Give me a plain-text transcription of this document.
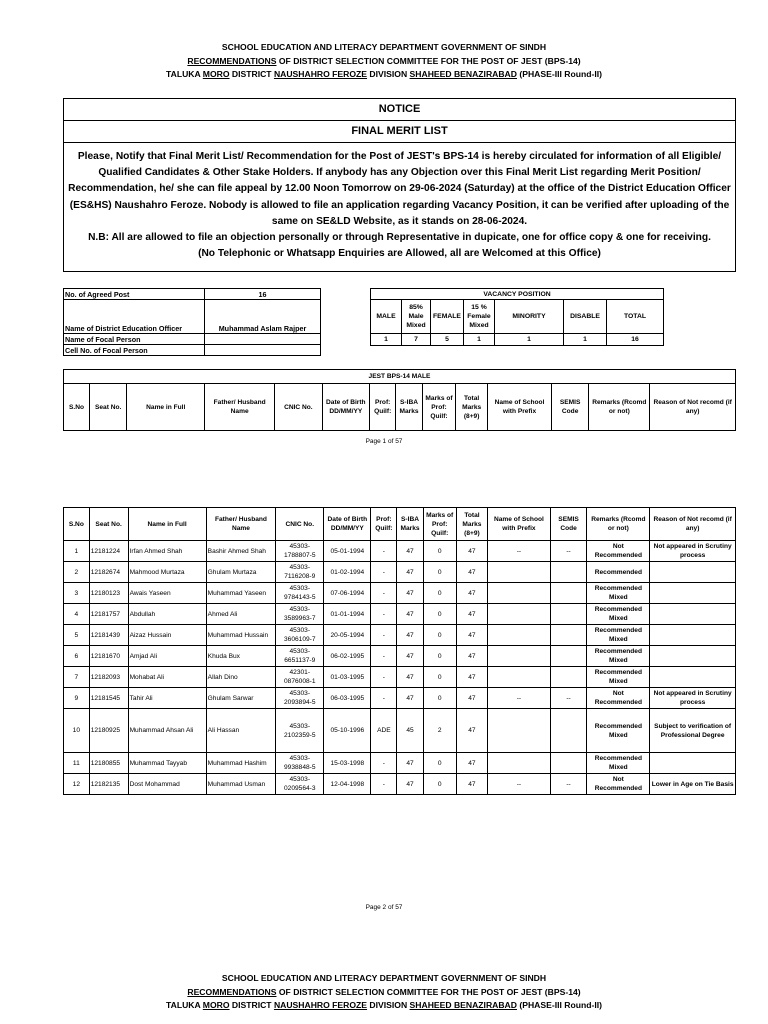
SCHOOL EDUCATION AND LITERACY DEPARTMENT GOVERNMENT OF SINDH
RECOMMENDATIONS OF DISTRICT SELECTION COMMITTEE FOR THE POST OF JEST (BPS-14)
TALUKA MORO DISTRICT NAUSHAHRO FEROZE DIVISION SHAHEED BENAZIRABAD (PHASE-III Round-II)
NOTICE
FINAL MERIT LIST
Please, Notify that Final Merit List/ Recommendation for the Post of JEST's BPS-14 is hereby circulated for information of all Eligible/ Qualified Candidates & Other Stake Holders. If anybody has any Objection over this Final Merit List regarding Merit Position/ Recommendation, he/ she can file appeal by 12.00 Noon Tomorrow on 29-06-2024 (Saturday) at the office of the District Education Officer (ES&HS) Naushahro Feroze. Nobody is allowed to file an application regarding Vacancy Position, it can be verified after uploading of the same on SE&LD Website, as it stands on 28-06-2024.
N.B: All are allowed to file an objection personally or through Representative in dupicate, one for office copy & one for receiving.
(No Telephonic or Whatsapp Enquiries are Allowed, all are Welcomed at this Office)
No. of Agreed Post	16
Name of District Education Officer	Muhammad Aslam Rajper
Name of Focal Person	
Cell No. of Focal Person	
VACANCY POSITION						
MALE	85% Male Mixed	FEMALE	15 % Female Mixed	MINORITY	DISABLE	TOTAL
1	7	5	1	1	1	16
JEST BPS-14 MALE
S.No	Seat No.	Name in Full	Father/ Husband Name	CNIC No.	Date of Birth DD/MM/YY	Prof: Quilf:	S-IBA Marks	Marks of Prof: Quilf:	Total Marks (8+9)	Name of School with Prefix	SEMIS Code	Remarks (Rcomd or not)	Reason of Not recomd (if any)
Page 1 of 57
S.No	Seat No.	Name in Full	Father/ Husband Name	CNIC No.	Date of Birth DD/MM/YY	Prof: Quilf:	S-IBA Marks	Marks of Prof: Quilf:	Total Marks (8+9)	Name of School with Prefix	SEMIS Code	Remarks (Rcomd or not)	Reason of Not recomd (if any)
1	12181224	Irfan Ahmed Shah	Bashir Ahmed Shah	45303-1788807-5	05-01-1994	-	47	0	47	--	--	Not Recommended	Not appeared in Scrutiny process
2	12182674	Mahmood Murtaza	Ghulam Murtaza	45303-7116208-9	01-02-1994	-	47	0	47			Recommended	
3	12180123	Awais Yaseen	Muhammad Yaseen	45303-9784143-5	07-06-1994	-	47	0	47			Recommended Mixed	
4	12181757	Abdullah	Ahmed Ali	45303-3589963-7	01-01-1994	-	47	0	47			Recommended Mixed	
5	12181439	Aizaz Hussain	Muhammad Hussain	45303-3606109-7	20-05-1994	-	47	0	47			Recommended Mixed	
6	12181670	Amjad Ali	Khuda Bux	45303-6651137-9	06-02-1995	-	47	0	47			Recommended Mixed	
7	12182093	Mohabat Ali	Allah Dino	42301-0876008-1	01-03-1995	-	47	0	47			Recommended Mixed	
9	12181545	Tahir Ali	Ghulam Sarwar	45303-2093894-5	06-03-1995	-	47	0	47	--	--	Not Recommended	Not appeared in Scrutiny process
10	12180925	Muhammad Ahsan Ali	Ali Hassan	45303-2102359-5	05-10-1996	ADE	45	2	47			Recommended Mixed	Subject to verification of Professional Degree
11	12180855	Muhammad Tayyab	Muhammad Hashim	45303-9938848-5	15-03-1998	-	47	0	47			Recommended Mixed	
12	12182135	Dost Mohammad	Muhammad Usman	45303-0209564-3	12-04-1998	-	47	0	47	--	--	Not Recommended	Lower in Age on Tie Basis
Page 2 of 57
SCHOOL EDUCATION AND LITERACY DEPARTMENT GOVERNMENT OF SINDH
RECOMMENDATIONS OF DISTRICT SELECTION COMMITTEE FOR THE POST OF JEST (BPS-14)
TALUKA MORO DISTRICT NAUSHAHRO FEROZE DIVISION SHAHEED BENAZIRABAD (PHASE-III Round-II)
